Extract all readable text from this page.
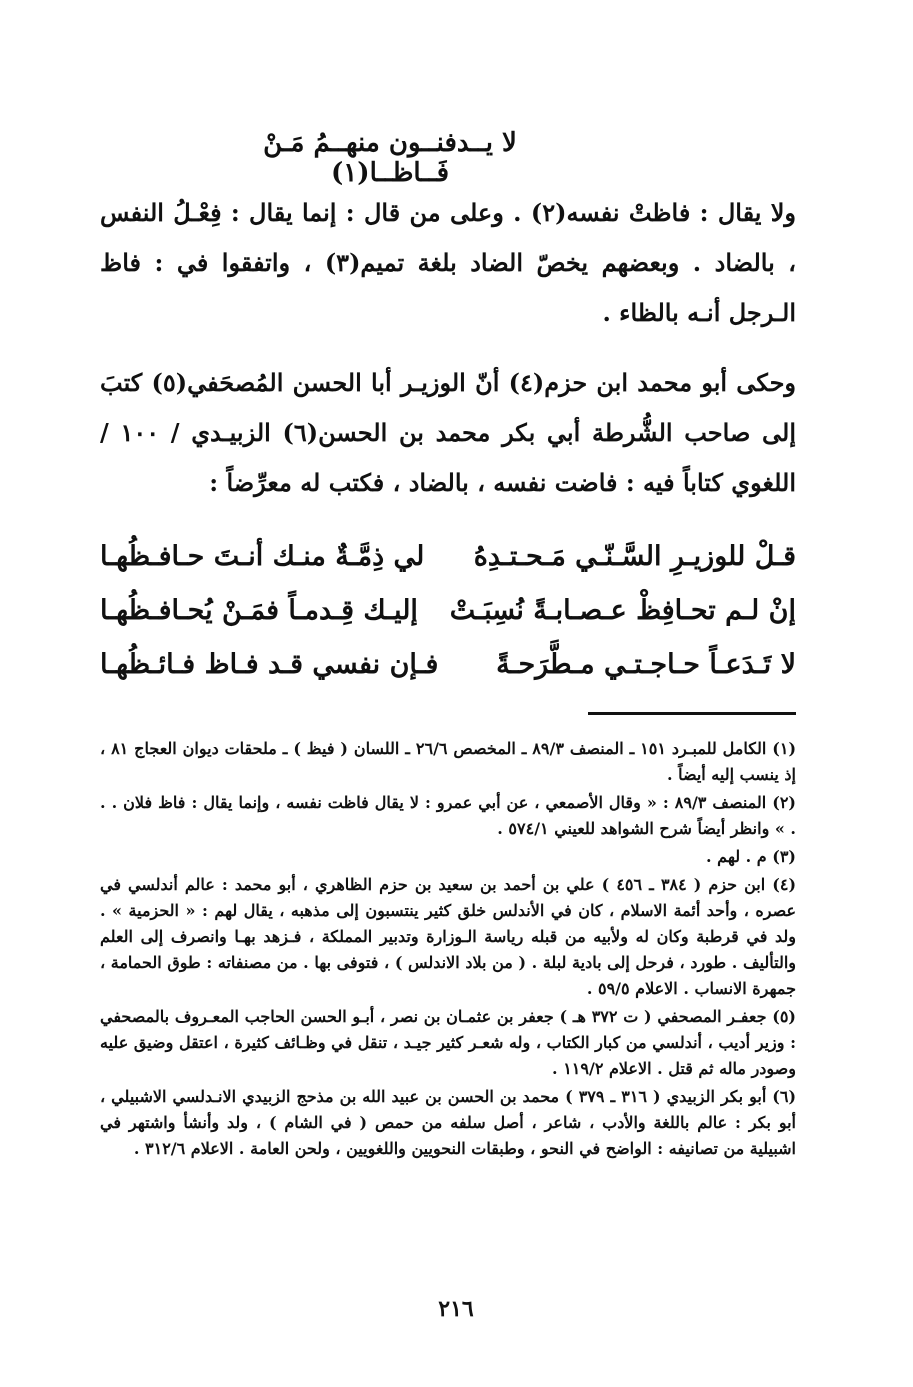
لا يــدفنــون منهــمُ مَـنْ فَــاظــا(١)
ولا يقال : فاظتْ نفسه(٢) . وعلى من قال : إنما يقال : فِعْـلُ النفس ، بالضاد . وبعضهم يخصّ الضاد بلغة تميم(٣) ، واتفقوا في : فاظ الـرجل أنـه بالظاء .
وحكى أبو محمد ابن حزم(٤) أنّ الوزيـر أبا الحسن المُصحَفي(٥) كتبَ إلى صاحب الشُّرطة أبي بكر محمد بن الحسن(٦) الزبيـدي / ١٠٠ / اللغوي كتاباً فيه : فاضت نفسه ، بالضاد ، فكتب له معرِّضاً :
قـلْ للوزيـرِ السَّـنّـي مَـحـتـدِهُ
لي ذِمَّـةٌ منـك أنـتَ حـافـظُهـا
إنْ لـم تحـافِظْ عـصـابـةً نُسِبَـتْ
إليـك قِـدمـاً فمَـنْ يُحـافـظُهـا
لا تَـدَعـاً حـاجـتـي مـطَّرَحـةً
فـإن نفسي قـد فـاظ فـائـظُهـا

(١) الكامل للمبـرد ١٥١ ـ المنصف ٨٩/٣ ـ المخصص ٢٦/٦ ـ اللسان ( فيظ ) ـ ملحقات ديوان العجاج ٨١ ، إذ ينسب إليه أيضاً .

(٢) المنصف ٨٩/٣ : « وقال الأصمعي ، عن أبي عمرو : لا يقال فاظت نفسه ، وإنما يقال : فاظ فلان . . . » وانظر أيضاً شرح الشواهد للعيني ٥٧٤/١ .

(٣) م . لهم .

(٤) ابن حزم ( ٣٨٤ ـ ٤٥٦ ) علي بن أحمد بن سعيد بن حزم الظاهري ، أبو محمد : عالم أندلسي في عصره ، وأحد أئمة الاسلام ، كان في الأندلس خلق كثير ينتسبون إلى مذهبه ، يقال لهم : « الحزمية » . ولد في قرطبة وكان له ولأبيه من قبله رياسة الـوزارة وتدبير المملكة ، فـزهد بهـا وانصرف إلى العلم والتأليف . طورد ، فرحل إلى بادية لبلة . ( من بلاد الاندلس ) ، فتوفى بها . من مصنفاته : طوق الحمامة ، جمهرة الانساب . الاعلام ٥٩/٥ .

(٥) جعفـر المصحفي ( ت ٣٧٢ هـ ) جعفر بن عثمـان بن نصر ، أبـو الحسن الحاجب المعـروف بالمصحفي : وزير أديب ، أندلسي من كبار الكتاب ، وله شعـر كثير جيـد ، تنقل في وظـائف كثيرة ، اعتقل وضيق عليه وصودر ماله ثم قتل . الاعلام ١١٩/٢ .

(٦) أبو بكر الزبيدي ( ٣١٦ ـ ٣٧٩ ) محمد بن الحسن بن عبيد الله بن مذحج الزبيدي الانـدلسي الاشبيلي ، أبو بكر : عالم باللغة والأدب ، شاعر ، أصل سلفه من حمص ( في الشام ) ، ولد وأنشأ واشتهر في اشبيلية من تصانيفه : الواضح في النحو ، وطبقات النحويين واللغويين ، ولحن العامة . الاعلام ٣١٢/٦ .

٢١٦
